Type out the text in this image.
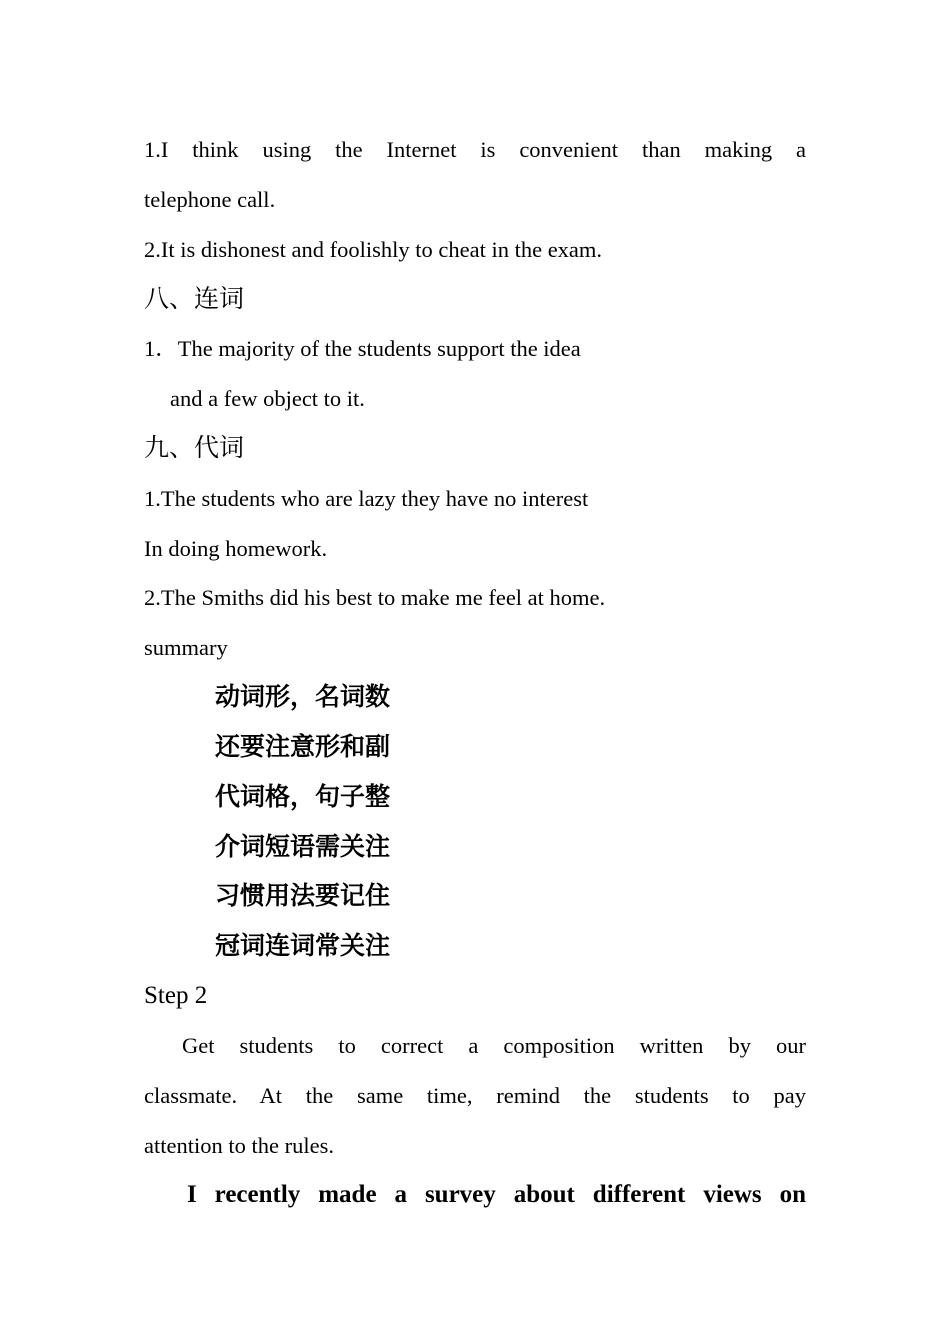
1.I think using the Internet is convenient than making a
telephone call.
2.It is dishonest and foolishly to cheat in the exam.
八、连词
1．The majority of the students support the idea
and a few object to it.
九、代词
1.The students who are lazy they have no interest
In doing homework.
2.The Smiths did his best to make me feel at home.
summary
动词形，名词数
还要注意形和副
代词格，句子整
介词短语需关注
习惯用法要记住
冠词连词常关注
Step 2
Get students to correct a composition written by our
classmate. At the same time, remind the students to pay
attention to the rules.
I recently made a survey about different views on
